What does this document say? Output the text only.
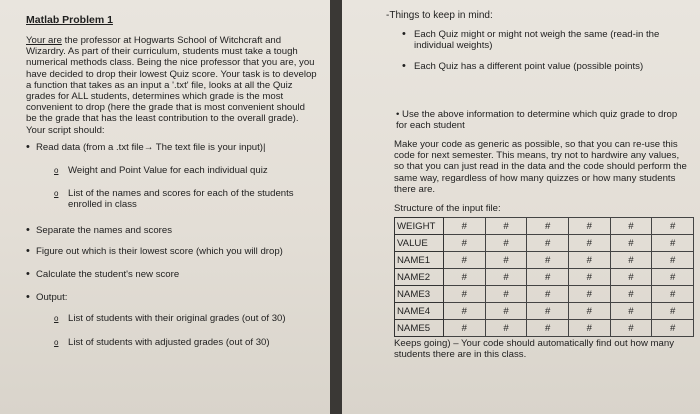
Matlab Problem 1

Your are the professor at Hogwarts School of Witchcraft and Wizardry. As part of their curriculum, students must take a tough numerical methods class. Being the nice professor that you are, you have decided to drop their lowest Quiz score. Your task is to develop a function that takes as an input a '.txt' file, looks at all the Quiz grades for ALL students, determines which grade is the most convenient to drop (here the grade that is most convenient should be the grade that has the least contribution to the overall grade). Your script should:

• Read data (from a .txt file→ The text file is your input)|
o Weight and Point Value for each individual quiz
o List of the names and scores for each of the students enrolled in class
• Separate the names and scores
• Figure out which is their lowest score (which you will drop)
• Calculate the student's new score
• Output:
o List of students with their original grades (out of 30)
o List of students with adjusted grades (out of 30)

-Things to keep in mind:

• Each Quiz might or might not weigh the same (read-in the individual weights)
• Each Quiz has a different point value (possible points)
• Use the above information to determine which quiz grade to drop for each student

Make your code as generic as possible, so that you can re-use this code for next semester. This means, try not to hardwire any values, so that you can just read in the data and the code should perform the same way, regardless of how many quizzes or how many students there are.

Structure of the input file:

WEIGHT	#	#	#	#	#	#
VALUE	#	#	#	#	#	#
NAME1	#	#	#	#	#	#
NAME2	#	#	#	#	#	#
NAME3	#	#	#	#	#	#
NAME4	#	#	#	#	#	#
NAME5	#	#	#	#	#	#

Keeps going) – Your code should automatically find out how many students there are in this class.
